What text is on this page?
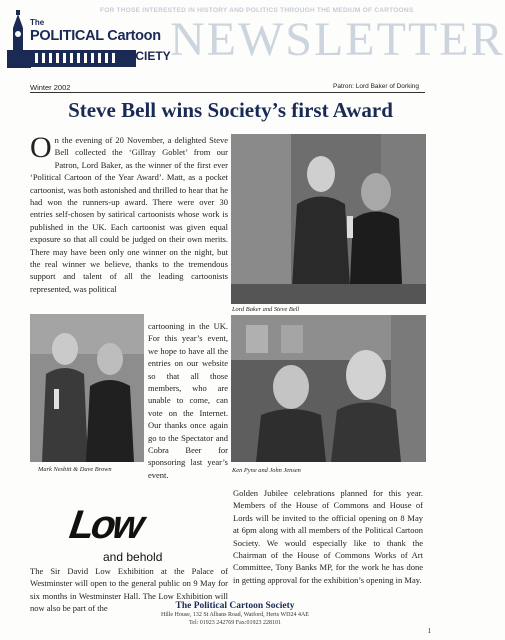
FOR THOSE INTERESTED IN HISTORY AND POLITICS THROUGH THE MEDIUM OF CARTOONS
The
POLITICAL Cartoon
SOCIETY NEWSLETTER
Winter 2002	Patron: Lord Baker of Dorking
Steve Bell wins Society’s first Award
O n the evening of 20 November, a delighted Steve Bell collected the ‘Gillray Goblet’ from our Patron, Lord Baker, as the winner of the first ever ‘Political Cartoon of the Year Award’. Matt, as a pocket cartoonist, was both astonished and thrilled to hear that he had won the runners-up award. There were over 30 entries self-chosen by satirical cartoonists whose work is published in the UK. Each cartoonist was given equal exposure so that all could be judged on their own merits. There may have been only one winner on the night, but the real winner we believe, thanks to the tremendous support and talent of all the leading cartoonists represented, was political
Lord Baker and Steve Bell
Mark Nesbitt & Dave Brown
cartooning in the UK. For this year’s event, we hope to have all the entries on our website so that all those members, who are unable to come, can vote on the Internet. Our thanks once again go to the Spectator and Cobra Beer for sponsoring last year’s event.	Ken Pyne and John Jensen
Low
and behold
The Sir David Low Exhibition at the Palace of Westminster will open to the general public on 9 May for six months in Westminster Hall. The Low Exhibition will now also be part of the
Golden Jubilee celebrations planned for this year. Members of the House of Commons and House of Lords will be invited to the official opening on 8 May at 6pm along with all members of the Political Cartoon Society. We would especially like to thank the Chairman of the House of Commons Works of Art Committee, Tony Banks MP, for the work he has done in getting approval for the exhibition’s opening in May.
The Political Cartoon Society
Hille House, 132 St Albans Road, Watford, Herts WD24 4AE
Tel: 01923 242769 Fax:01923 228101
1
